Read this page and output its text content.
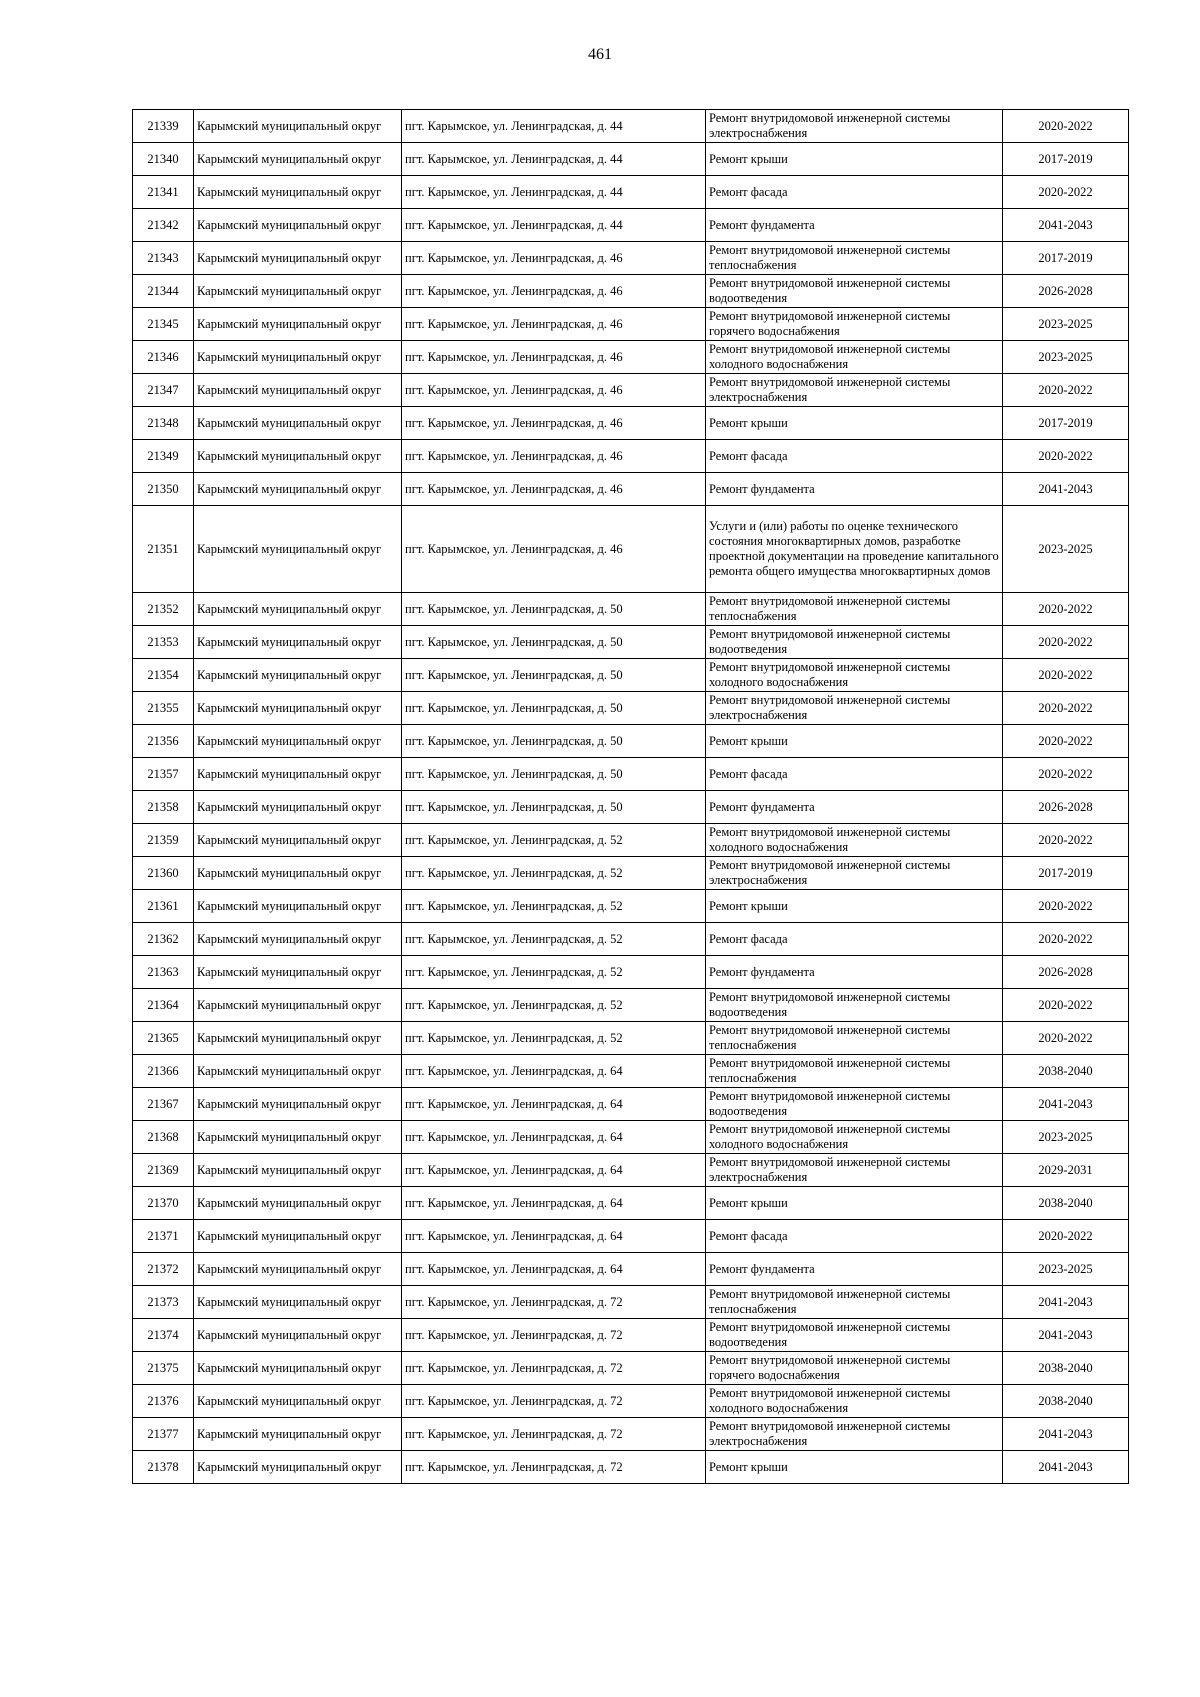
461
21339	Карымский муниципальный округ	пгт. Карымское, ул. Ленинградская, д. 44	Ремонт внутридомовой инженерной системы электроснабжения	2020-2022
21340	Карымский муниципальный округ	пгт. Карымское, ул. Ленинградская, д. 44	Ремонт крыши	2017-2019
21341	Карымский муниципальный округ	пгт. Карымское, ул. Ленинградская, д. 44	Ремонт фасада	2020-2022
21342	Карымский муниципальный округ	пгт. Карымское, ул. Ленинградская, д. 44	Ремонт фундамента	2041-2043
21343	Карымский муниципальный округ	пгт. Карымское, ул. Ленинградская, д. 46	Ремонт внутридомовой инженерной системы теплоснабжения	2017-2019
21344	Карымский муниципальный округ	пгт. Карымское, ул. Ленинградская, д. 46	Ремонт внутридомовой инженерной системы водоотведения	2026-2028
21345	Карымский муниципальный округ	пгт. Карымское, ул. Ленинградская, д. 46	Ремонт внутридомовой инженерной системы горячего водоснабжения	2023-2025
21346	Карымский муниципальный округ	пгт. Карымское, ул. Ленинградская, д. 46	Ремонт внутридомовой инженерной системы холодного водоснабжения	2023-2025
21347	Карымский муниципальный округ	пгт. Карымское, ул. Ленинградская, д. 46	Ремонт внутридомовой инженерной системы электроснабжения	2020-2022
21348	Карымский муниципальный округ	пгт. Карымское, ул. Ленинградская, д. 46	Ремонт крыши	2017-2019
21349	Карымский муниципальный округ	пгт. Карымское, ул. Ленинградская, д. 46	Ремонт фасада	2020-2022
21350	Карымский муниципальный округ	пгт. Карымское, ул. Ленинградская, д. 46	Ремонт фундамента	2041-2043
21351	Карымский муниципальный округ	пгт. Карымское, ул. Ленинградская, д. 46	Услуги и (или) работы по оценке технического состояния многоквартирных домов, разработке проектной документации на проведение капитального ремонта общего имущества многоквартирных домов	2023-2025
21352	Карымский муниципальный округ	пгт. Карымское, ул. Ленинградская, д. 50	Ремонт внутридомовой инженерной системы теплоснабжения	2020-2022
21353	Карымский муниципальный округ	пгт. Карымское, ул. Ленинградская, д. 50	Ремонт внутридомовой инженерной системы водоотведения	2020-2022
21354	Карымский муниципальный округ	пгт. Карымское, ул. Ленинградская, д. 50	Ремонт внутридомовой инженерной системы холодного водоснабжения	2020-2022
21355	Карымский муниципальный округ	пгт. Карымское, ул. Ленинградская, д. 50	Ремонт внутридомовой инженерной системы электроснабжения	2020-2022
21356	Карымский муниципальный округ	пгт. Карымское, ул. Ленинградская, д. 50	Ремонт крыши	2020-2022
21357	Карымский муниципальный округ	пгт. Карымское, ул. Ленинградская, д. 50	Ремонт фасада	2020-2022
21358	Карымский муниципальный округ	пгт. Карымское, ул. Ленинградская, д. 50	Ремонт фундамента	2026-2028
21359	Карымский муниципальный округ	пгт. Карымское, ул. Ленинградская, д. 52	Ремонт внутридомовой инженерной системы холодного водоснабжения	2020-2022
21360	Карымский муниципальный округ	пгт. Карымское, ул. Ленинградская, д. 52	Ремонт внутридомовой инженерной системы электроснабжения	2017-2019
21361	Карымский муниципальный округ	пгт. Карымское, ул. Ленинградская, д. 52	Ремонт крыши	2020-2022
21362	Карымский муниципальный округ	пгт. Карымское, ул. Ленинградская, д. 52	Ремонт фасада	2020-2022
21363	Карымский муниципальный округ	пгт. Карымское, ул. Ленинградская, д. 52	Ремонт фундамента	2026-2028
21364	Карымский муниципальный округ	пгт. Карымское, ул. Ленинградская, д. 52	Ремонт внутридомовой инженерной системы водоотведения	2020-2022
21365	Карымский муниципальный округ	пгт. Карымское, ул. Ленинградская, д. 52	Ремонт внутридомовой инженерной системы теплоснабжения	2020-2022
21366	Карымский муниципальный округ	пгт. Карымское, ул. Ленинградская, д. 64	Ремонт внутридомовой инженерной системы теплоснабжения	2038-2040
21367	Карымский муниципальный округ	пгт. Карымское, ул. Ленинградская, д. 64	Ремонт внутридомовой инженерной системы водоотведения	2041-2043
21368	Карымский муниципальный округ	пгт. Карымское, ул. Ленинградская, д. 64	Ремонт внутридомовой инженерной системы холодного водоснабжения	2023-2025
21369	Карымский муниципальный округ	пгт. Карымское, ул. Ленинградская, д. 64	Ремонт внутридомовой инженерной системы электроснабжения	2029-2031
21370	Карымский муниципальный округ	пгт. Карымское, ул. Ленинградская, д. 64	Ремонт крыши	2038-2040
21371	Карымский муниципальный округ	пгт. Карымское, ул. Ленинградская, д. 64	Ремонт фасада	2020-2022
21372	Карымский муниципальный округ	пгт. Карымское, ул. Ленинградская, д. 64	Ремонт фундамента	2023-2025
21373	Карымский муниципальный округ	пгт. Карымское, ул. Ленинградская, д. 72	Ремонт внутридомовой инженерной системы теплоснабжения	2041-2043
21374	Карымский муниципальный округ	пгт. Карымское, ул. Ленинградская, д. 72	Ремонт внутридомовой инженерной системы водоотведения	2041-2043
21375	Карымский муниципальный округ	пгт. Карымское, ул. Ленинградская, д. 72	Ремонт внутридомовой инженерной системы горячего водоснабжения	2038-2040
21376	Карымский муниципальный округ	пгт. Карымское, ул. Ленинградская, д. 72	Ремонт внутридомовой инженерной системы холодного водоснабжения	2038-2040
21377	Карымский муниципальный округ	пгт. Карымское, ул. Ленинградская, д. 72	Ремонт внутридомовой инженерной системы электроснабжения	2041-2043
21378	Карымский муниципальный округ	пгт. Карымское, ул. Ленинградская, д. 72	Ремонт крыши	2041-2043
